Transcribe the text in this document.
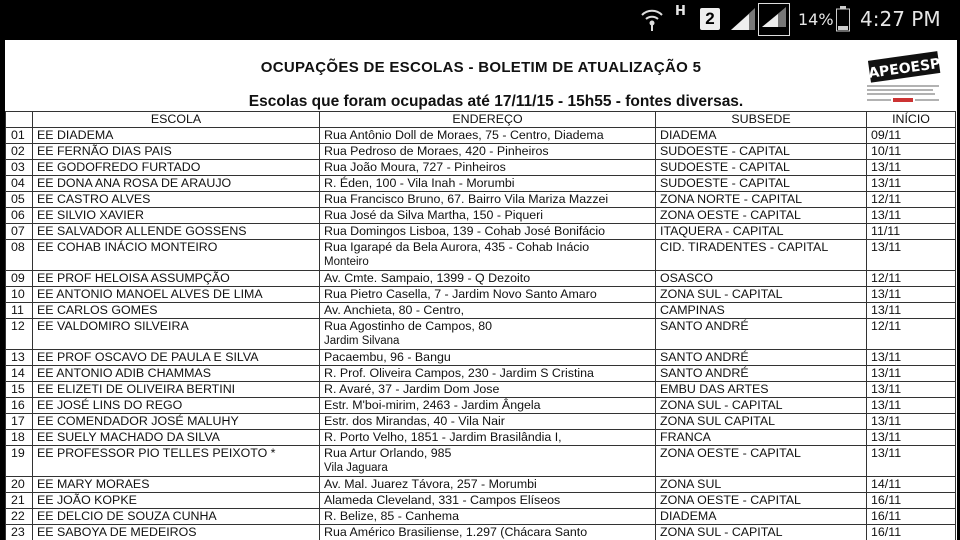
H	2	14% 4:27 PM
OCUPAÇÕES DE ESCOLAS - BOLETIM DE ATUALIZAÇÃO 5
Escolas que foram ocupadas até 17/11/15 - 15h55 - fontes diversas.
APEOESP
	ESCOLA	ENDEREÇO	SUBSEDE	INÍCIO
01	EE DIADEMA	Rua Antônio Doll de Moraes, 75 - Centro, Diadema	DIADEMA	09/11
02	EE FERNÃO DIAS PAIS	Rua Pedroso de Moraes, 420 - Pinheiros	SUDOESTE - CAPITAL	10/11
03	EE GODOFREDO FURTADO	Rua João Moura, 727 - Pinheiros	SUDOESTE - CAPITAL	13/11
04	EE DONA ANA ROSA DE ARAUJO	R. Éden, 100 - Vila Inah - Morumbi	SUDOESTE - CAPITAL	13/11
05	EE CASTRO ALVES	Rua Francisco Bruno, 67. Bairro Vila Mariza Mazzei	ZONA NORTE - CAPITAL	12/11
06	EE SILVIO XAVIER	Rua José da Silva Martha, 150 - Piqueri	ZONA OESTE - CAPITAL	13/11
07	EE SALVADOR ALLENDE GOSSENS	Rua Domingos Lisboa, 139 - Cohab José Bonifácio	ITAQUERA - CAPITAL	11/11
08	EE COHAB INÁCIO MONTEIRO	Rua Igarapé da Bela Aurora, 435 - Cohab Inácio
Monteiro	CID. TIRADENTES - CAPITAL	13/11
09	EE PROF HELOISA ASSUMPÇÃO	Av. Cmte. Sampaio, 1399 - Q Dezoito	OSASCO	12/11
10	EE ANTONIO MANOEL ALVES DE LIMA	Rua Pietro Casella, 7 - Jardim Novo Santo Amaro	ZONA SUL - CAPITAL	13/11
11	EE CARLOS GOMES	Av. Anchieta, 80 - Centro,	CAMPINAS	13/11
12	EE VALDOMIRO SILVEIRA	Rua Agostinho de Campos, 80
Jardim Silvana	SANTO ANDRÉ	12/11
13	EE PROF OSCAVO DE PAULA E SILVA	Pacaembu, 96 - Bangu	SANTO ANDRÉ	13/11
14	EE ANTONIO ADIB CHAMMAS	R. Prof. Oliveira Campos, 230 - Jardim S Cristina	SANTO ANDRÉ	13/11
15	EE ELIZETI DE OLIVEIRA BERTINI	R. Avaré, 37 - Jardim Dom Jose	EMBU DAS ARTES	13/11
16	EE JOSÉ LINS DO REGO	Estr. M'boi-mirim, 2463 - Jardim Ângela	ZONA SUL - CAPITAL	13/11
17	EE COMENDADOR JOSÉ MALUHY	Estr. dos Mirandas, 40 - Vila Nair	ZONA SUL CAPITAL	13/11
18	EE SUELY MACHADO DA SILVA	R. Porto Velho, 1851 - Jardim Brasilândia I,	FRANCA	13/11
19	EE PROFESSOR PIO TELLES PEIXOTO *	Rua Artur Orlando, 985
Vila Jaguara	ZONA OESTE - CAPITAL	13/11
20	EE MARY MORAES	Av. Mal. Juarez Távora, 257 - Morumbi	ZONA SUL	14/11
21	EE JOÃO KOPKE	Alameda Cleveland, 331 - Campos Elíseos	ZONA OESTE - CAPITAL	16/11
22	EE DELCIO DE SOUZA CUNHA	R. Belize, 85 - Canhema	DIADEMA	16/11
23	EE SABOYA DE MEDEIROS	Rua Américo Brasiliense, 1.297 (Chácara Santo	ZONA SUL - CAPITAL	16/11
